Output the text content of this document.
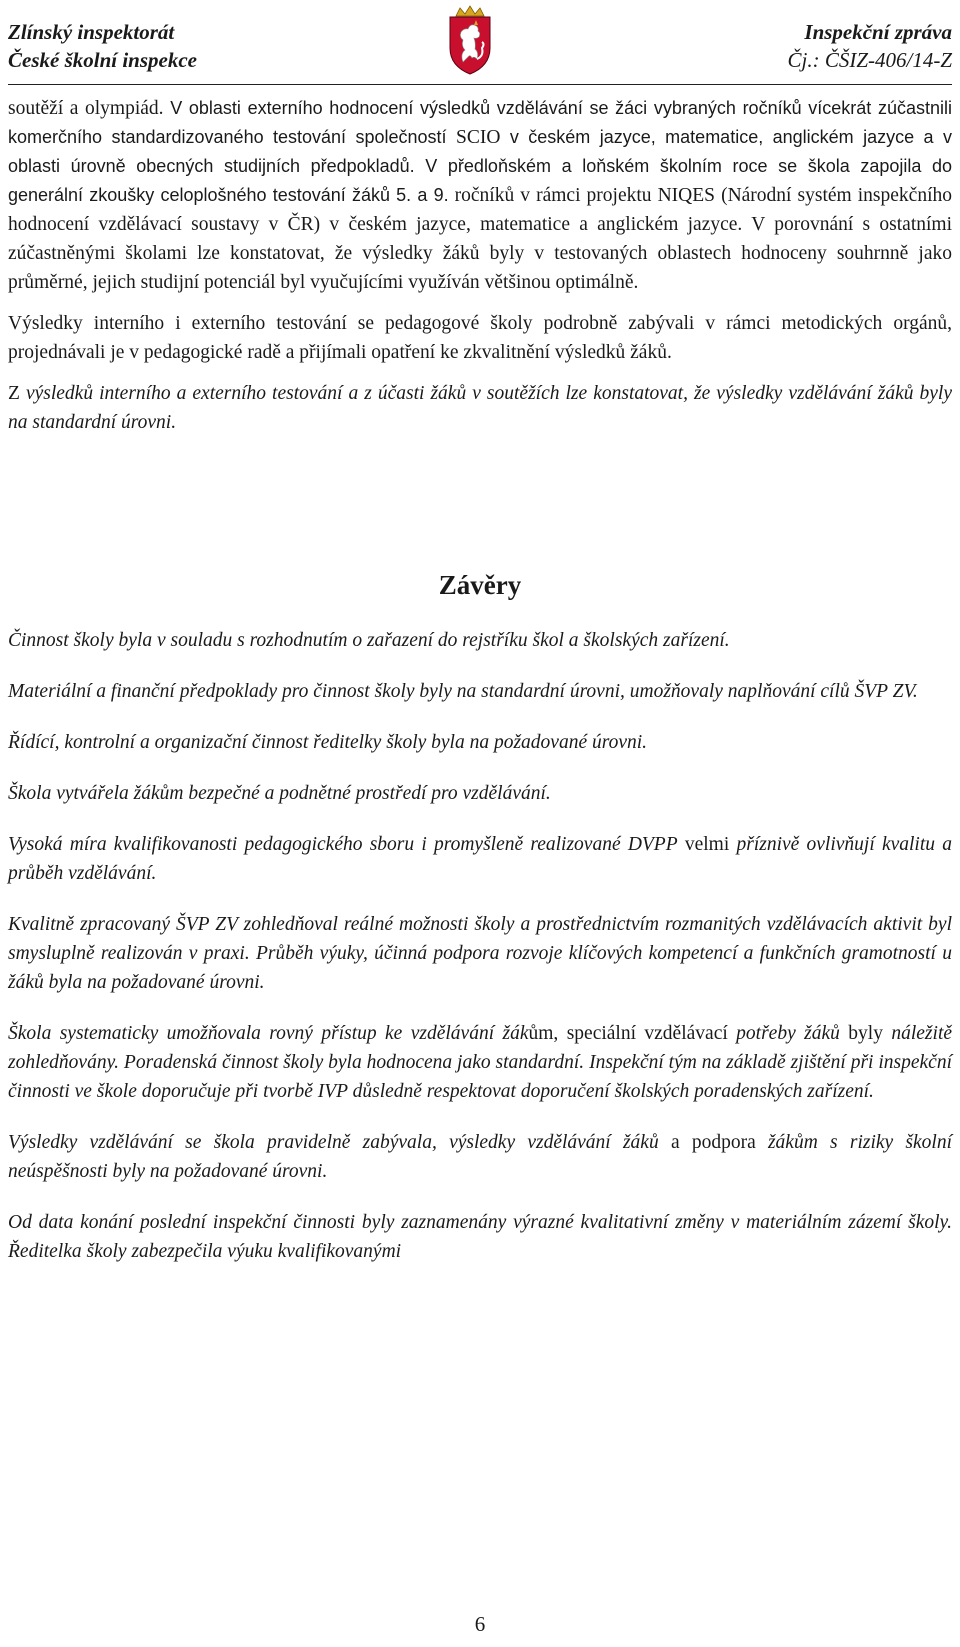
Zlínský inspektorát
České školní inspekce
Inspekční zpráva
Čj.: ČŠIZ-406/14-Z

soutěží a olympiád. V oblasti externího hodnocení výsledků vzdělávání se žáci vybraných ročníků vícekrát zúčastnili komerčního standardizovaného testování společností SCIO v českém jazyce, matematice, anglickém jazyce a v oblasti úrovně obecných studijních předpokladů. V předloňském a loňském školním roce se škola zapojila do generální zkoušky celoplošného testování žáků 5. a 9. ročníků v rámci projektu NIQES (Národní systém inspekčního hodnocení vzdělávací soustavy v ČR) v českém jazyce, matematice a anglickém jazyce. V porovnání s ostatními zúčastněnými školami lze konstatovat, že výsledky žáků byly v testovaných oblastech hodnoceny souhrnně jako průměrné, jejich studijní potenciál byl vyučujícími využíván většinou optimálně.

Výsledky interního i externího testování se pedagogové školy podrobně zabývali v rámci metodických orgánů, projednávali je v pedagogické radě a přijímali opatření ke zkvalitnění výsledků žáků.

Z výsledků interního a externího testování a z účasti žáků v soutěžích lze konstatovat, že výsledky vzdělávání žáků byly na standardní úrovni.

Závěry

Činnost školy byla v souladu s rozhodnutím o zařazení do rejstříku škol a školských zařízení.

Materiální a finanční předpoklady pro činnost školy byly na standardní úrovni, umožňovaly naplňování cílů ŠVP ZV.

Řídící, kontrolní a organizační činnost ředitelky školy byla na požadované úrovni.

Škola vytvářela žákům bezpečné a podnětné prostředí pro vzdělávání.

Vysoká míra kvalifikovanosti pedagogického sboru i promyšleně realizované DVPP velmi příznivě ovlivňují kvalitu a průběh vzdělávání.

Kvalitně zpracovaný ŠVP ZV zohledňoval reálné možnosti školy a prostřednictvím rozmanitých vzdělávacích aktivit byl smysluplně realizován v praxi. Průběh výuky, účinná podpora rozvoje klíčových kompetencí a funkčních gramotností u žáků byla na požadované úrovni.

Škola systematicky umožňovala rovný přístup ke vzdělávání žákům, speciální vzdělávací potřeby žáků byly náležitě zohledňovány. Poradenská činnost školy byla hodnocena jako standardní. Inspekční tým na základě zjištění při inspekční činnosti ve škole doporučuje při tvorbě IVP důsledně respektovat doporučení školských poradenských zařízení.

Výsledky vzdělávání se škola pravidelně zabývala, výsledky vzdělávání žáků a podpora žákům s riziky školní neúspěšnosti byly na požadované úrovni.

Od data konání poslední inspekční činnosti byly zaznamenány výrazné kvalitativní změny v materiálním zázemí školy. Ředitelka školy zabezpečila výuku kvalifikovanými

6
